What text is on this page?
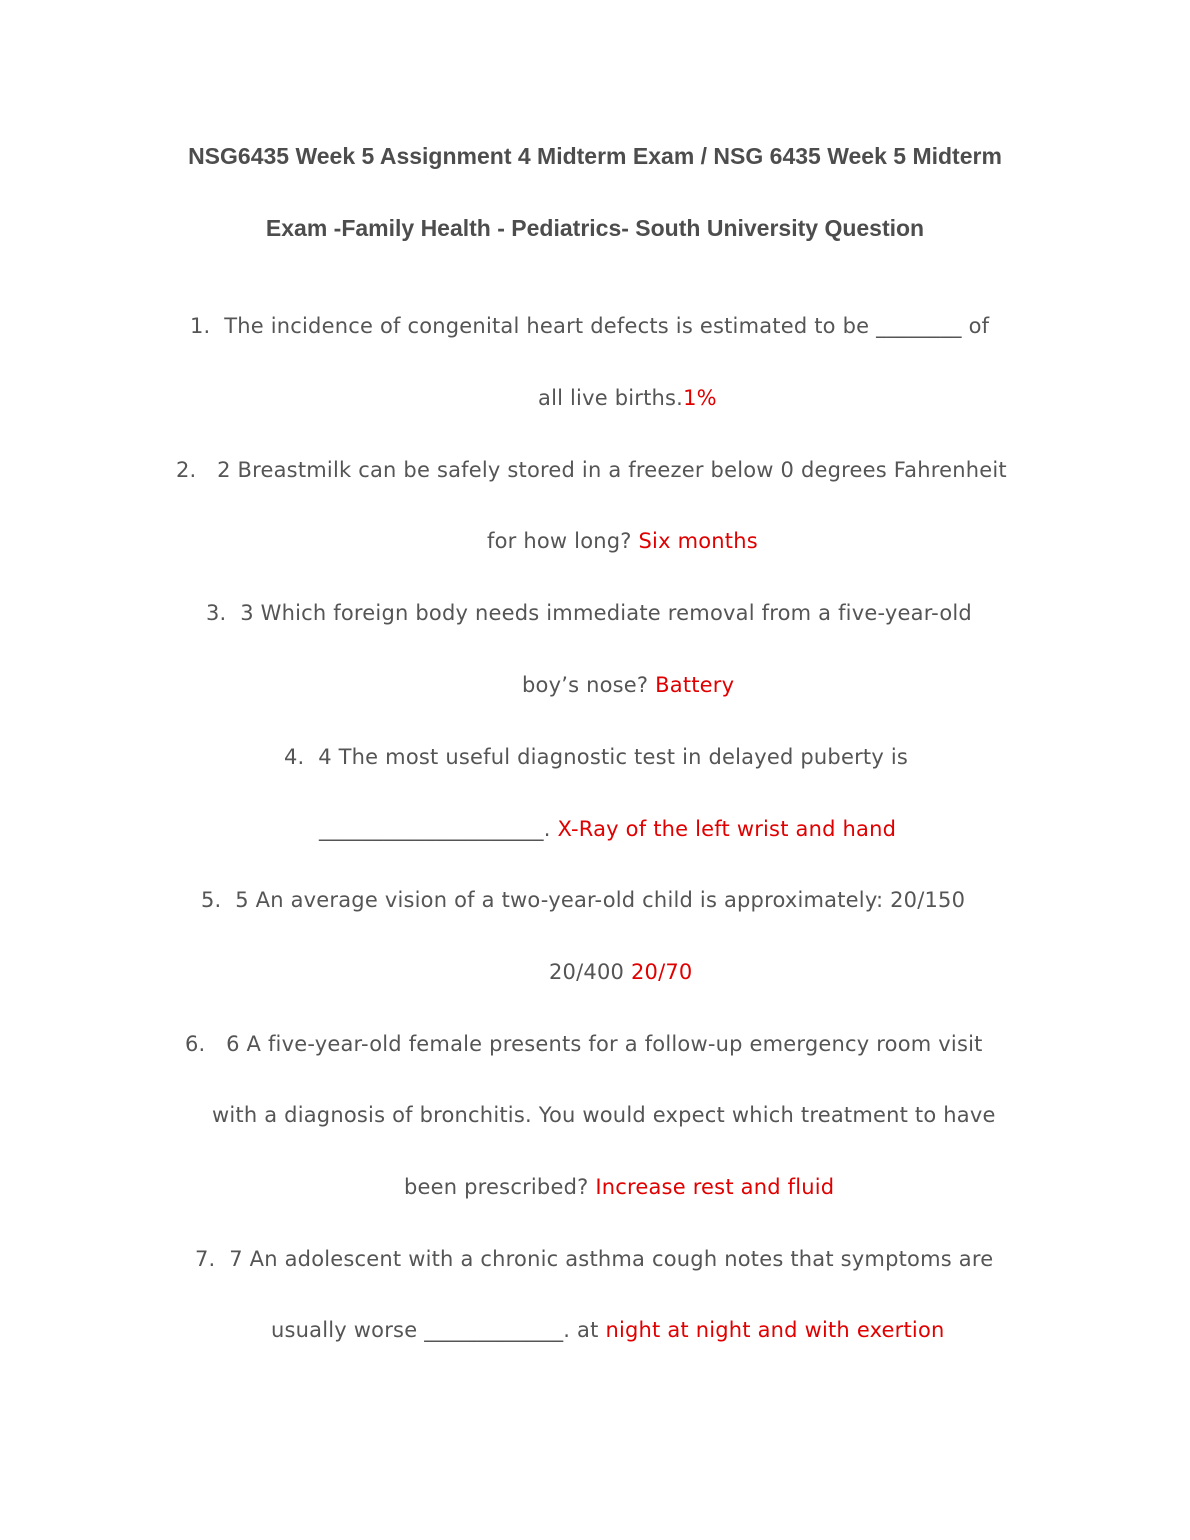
NSG6435 Week 5 Assignment 4 Midterm Exam / NSG 6435 Week 5 Midterm
Exam -Family Health - Pediatrics- South University Question
1. The incidence of congenital heart defects is estimated to be ________ of
all live births.1%
2. 2 Breastmilk can be safely stored in a freezer below 0 degrees Fahrenheit
for how long? Six months
3. 3 Which foreign body needs immediate removal from a five-year-old
boy’s nose? Battery
4. 4 The most useful diagnostic test in delayed puberty is
_____________________. X-Ray of the left wrist and hand
5. 5 An average vision of a two-year-old child is approximately: 20/150
20/400 20/70
6. 6 A five-year-old female presents for a follow-up emergency room visit
with a diagnosis of bronchitis. You would expect which treatment to have
been prescribed? Increase rest and fluid
7. 7 An adolescent with a chronic asthma cough notes that symptoms are
usually worse _____________. at night at night and with exertion
